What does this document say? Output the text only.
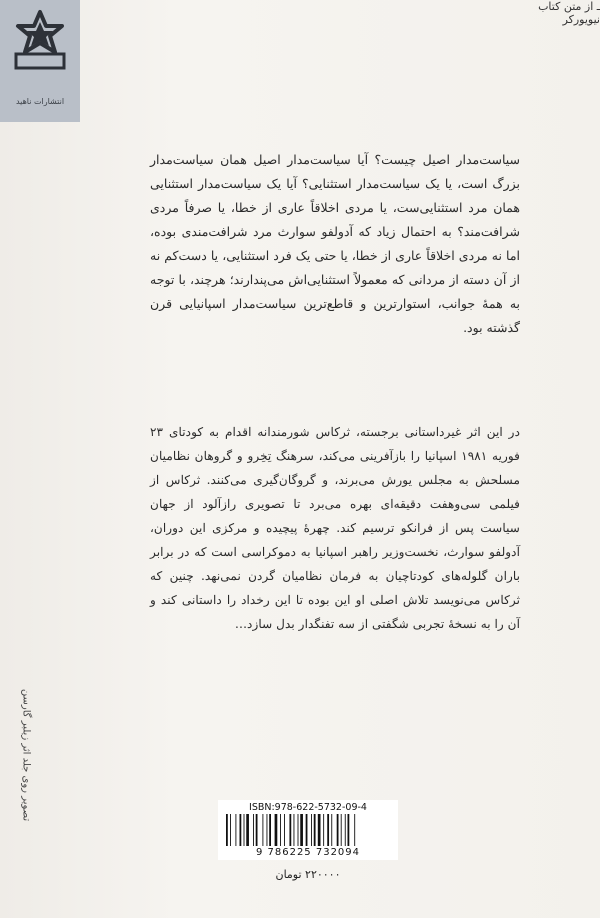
انتشارات ناهید

سیاست‌مدار اصیل چیست؟ آیا سیاست‌مدار اصیل همان سیاست‌مدار بزرگ است، یا یک سیاست‌مدار استثنایی؟ آیا یک سیاست‌مدار استثنایی همان مرد استثنایی‌ست، یا مردی اخلاقاً عاری از خطا، یا صرفاً مردی شرافت‌مند؟ به احتمال زیاد که آدولفو سوارث مرد شرافت‌مندی بوده، اما نه مردی اخلاقاً عاری از خطا، یا حتی یک فرد استثنایی، یا دست‌کم نه از آن دسته از مردانی که معمولاً استثنایی‌اش می‌پندارند؛ هرچند، با توجه به همهٔ جوانب، استوارترین و قاطع‌ترین سیاست‌مدار اسپانیایی قرن گذشته بود.

ـ از متن کتاب

در این اثر غیرداستانی برجسته، ثرکاس شورمندانه اقدام به کودتای ۲۳ فوریه ۱۹۸۱ اسپانیا را بازآفرینی می‌کند، سرهنگ تِخِرو و گروهان نظامیان مسلحش به مجلس یورش می‌برند، و گروگان‌گیری می‌کنند. ثرکاس از فیلمی سی‌وهفت دقیقه‌ای بهره می‌برد تا تصویری رازآلود از جهان سیاست پس از فرانکو ترسیم کند. چهرهٔ پیچیده و مرکزی این دوران، آدولفو سوارث، نخست‌وزیر راهبر اسپانیا به دموکراسی است که در برابر باران گلوله‌های کودتاچیان به فرمان نظامیان گردن نمی‌نهد. چنین که ثرکاس می‌نویسد تلاش اصلی او این بوده تا این رخداد را داستانی کند و آن را به نسخهٔ تجربی شگفتی از سه تفنگدار بدل سازد…

نیویورکر
تصویر روی جلد اثر زیلبر گارسن	ISBN:978-622-5732-09-4
9 786225 732094
۲۲۰۰۰۰ تومان
